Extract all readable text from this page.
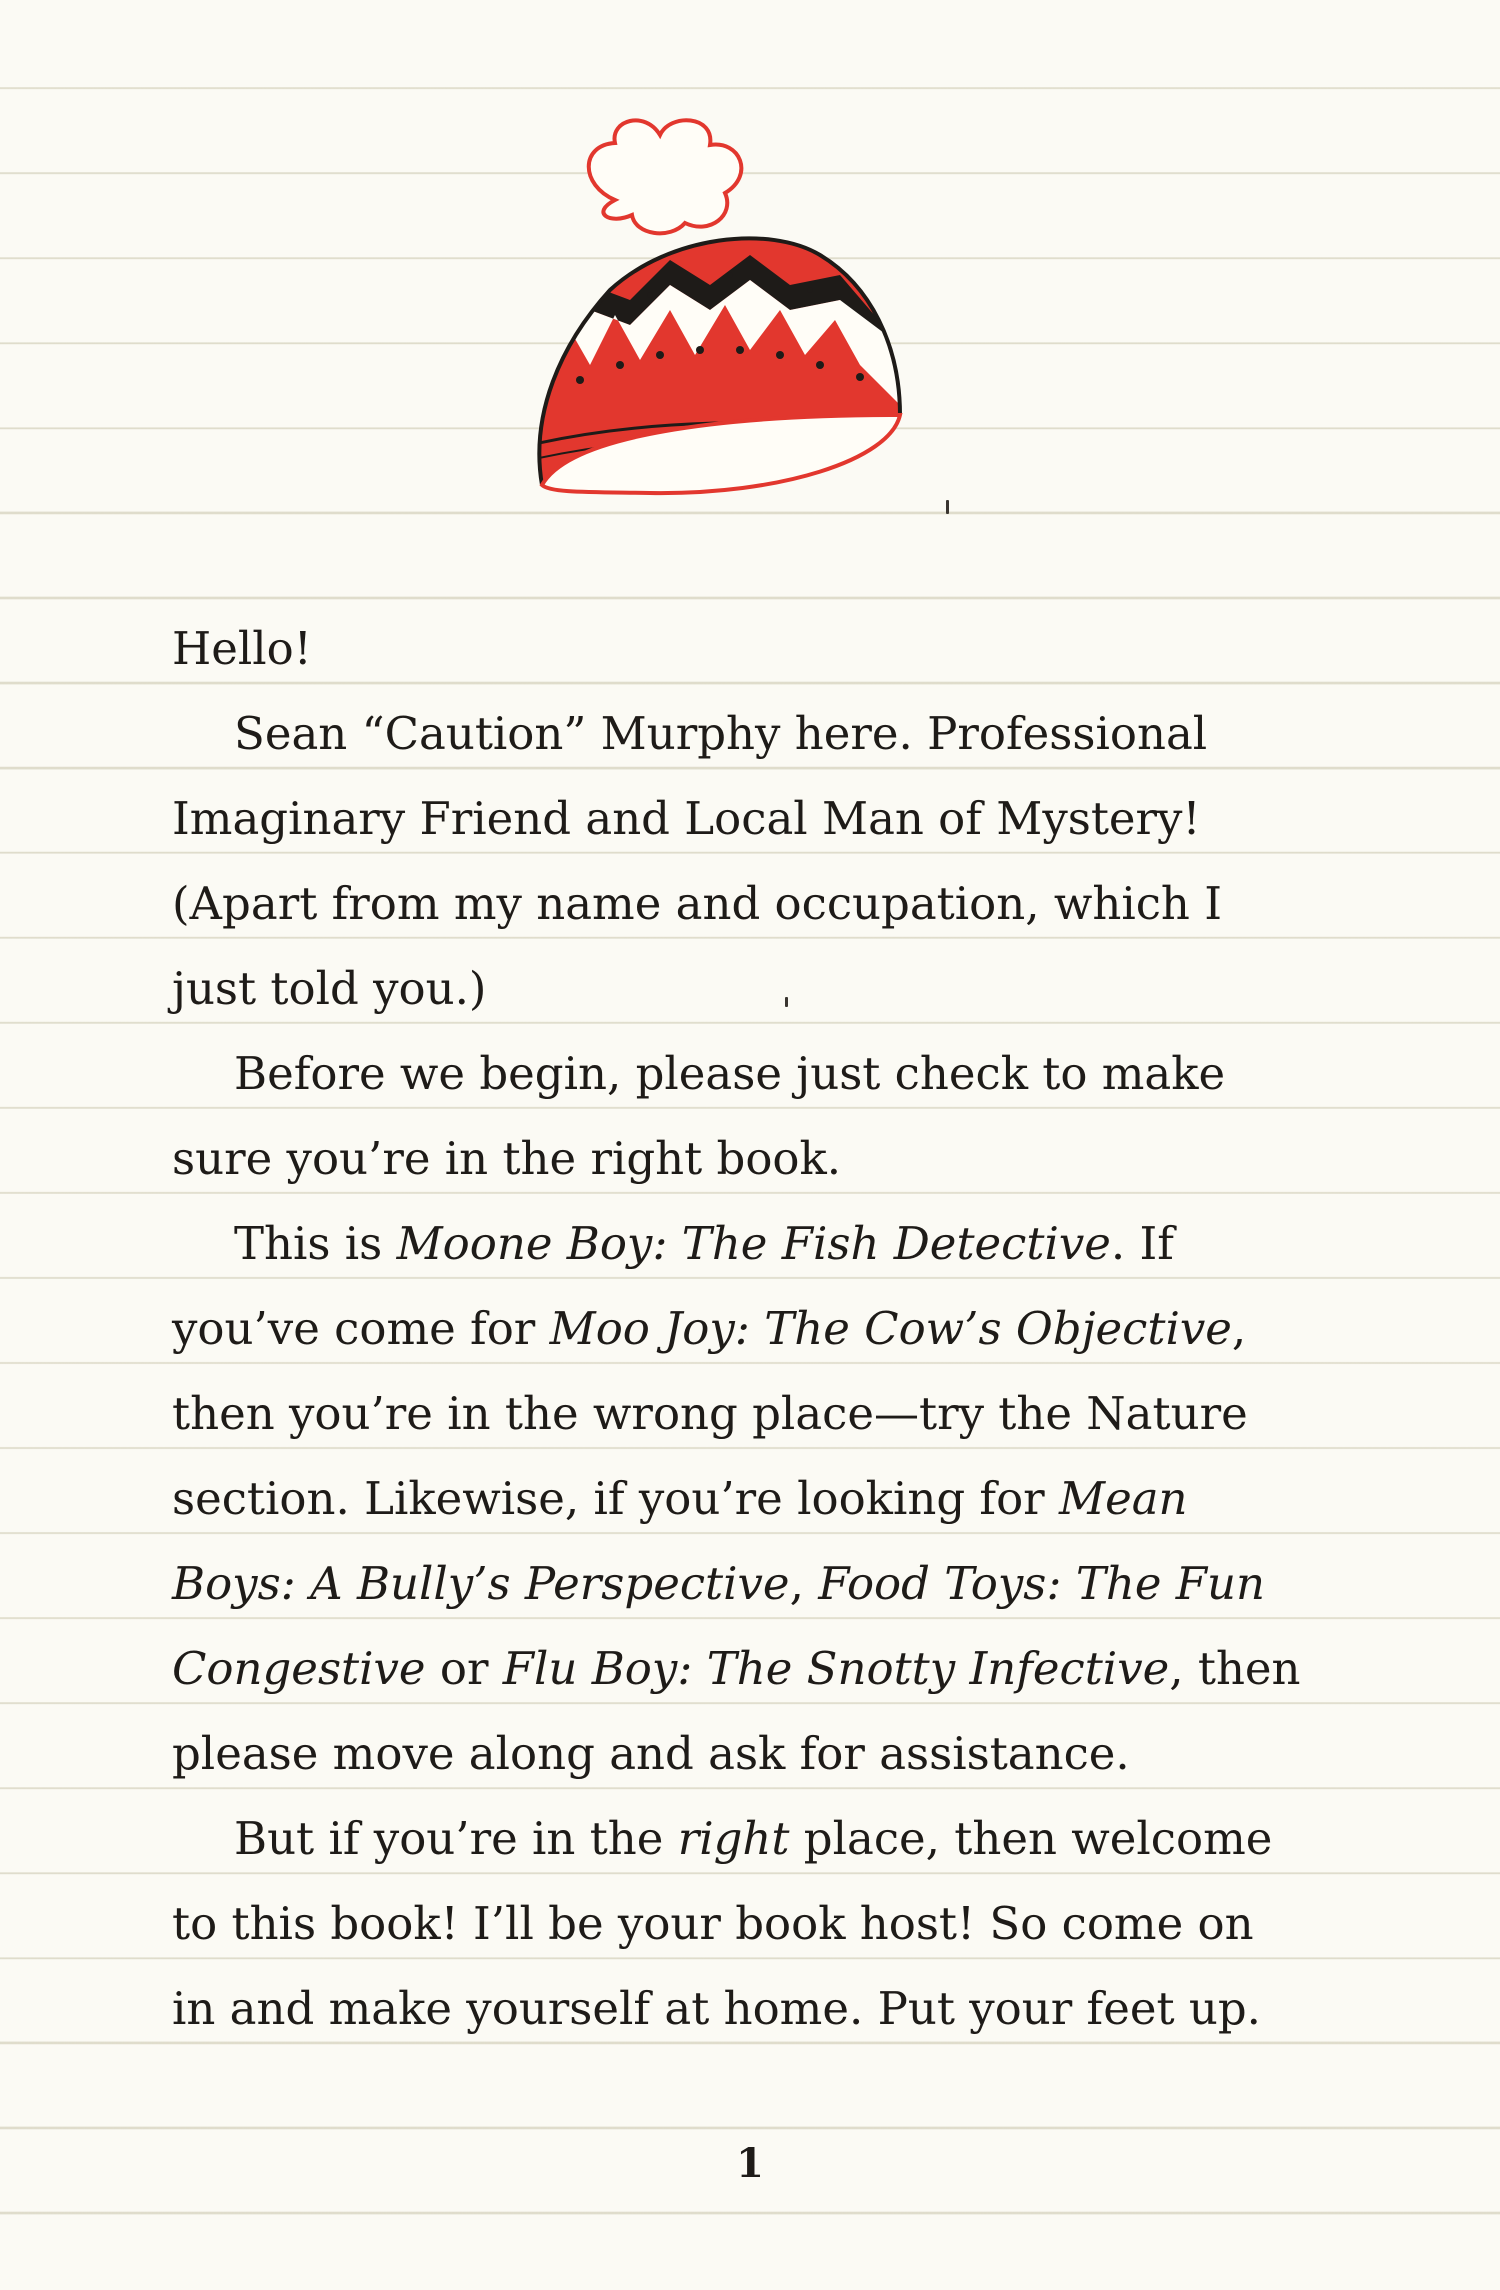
Hello!
Sean “Caution” Murphy here. Professional
Imaginary Friend and Local Man of Mystery!
(Apart from my name and occupation, which I
just told you.)
Before we begin, please just check to make
sure you’re in the right book.
This is Moone Boy: The Fish Detective. If
you’ve come for Moo Joy: The Cow’s Objective,
then you’re in the wrong place—try the Nature
section. Likewise, if you’re looking for Mean
Boys: A Bully’s Perspective, Food Toys: The Fun
Congestive or Flu Boy: The Snotty Infective, then
please move along and ask for assistance.
But if you’re in the right place, then welcome
to this book! I’ll be your book host! So come on
in and make yourself at home. Put your feet up.
1
